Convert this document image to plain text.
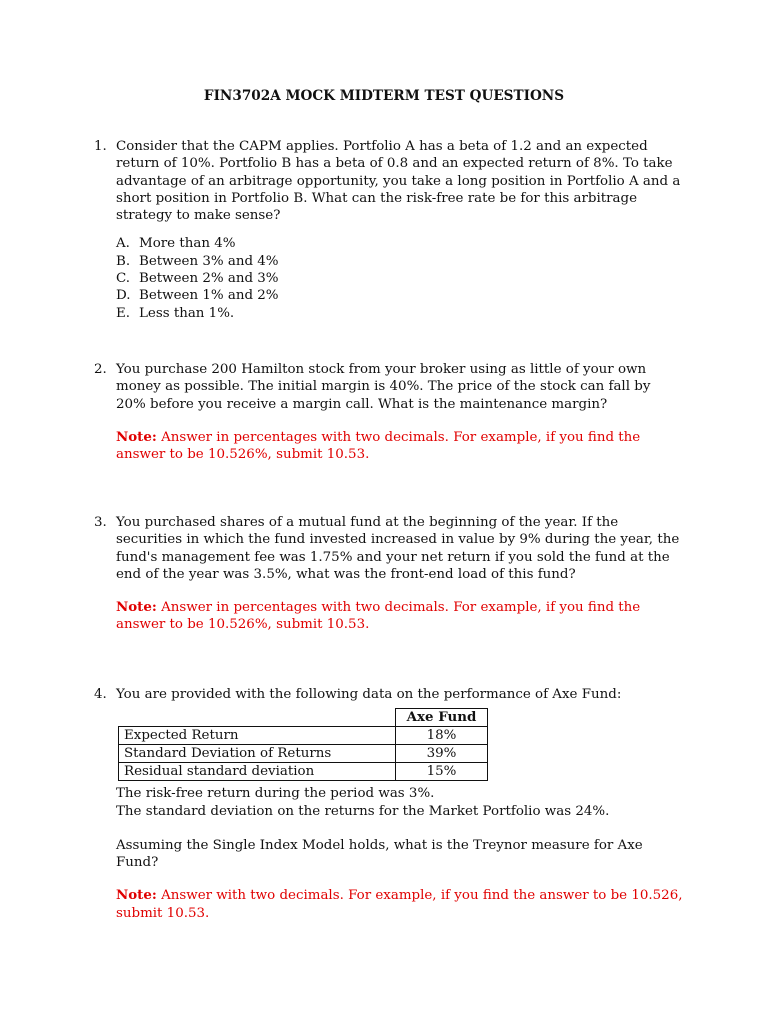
FIN3702A MOCK MIDTERM TEST QUESTIONS
1. Consider that the CAPM applies. Portfolio A has a beta of 1.2 and an expected return of 10%. Portfolio B has a beta of 0.8 and an expected return of 8%. To take advantage of an arbitrage opportunity, you take a long position in Portfolio A and a short position in Portfolio B. What can the risk-free rate be for this arbitrage strategy to make sense?

A. More than 4%
B. Between 3% and 4%
C. Between 2% and 3%
D. Between 1% and 2%
E. Less than 1%.
2. You purchase 200 Hamilton stock from your broker using as little of your own money as possible. The initial margin is 40%. The price of the stock can fall by 20% before you receive a margin call. What is the maintenance margin?

Note: Answer in percentages with two decimals. For example, if you find the answer to be 10.526%, submit 10.53.

3. You purchased shares of a mutual fund at the beginning of the year. If the securities in which the fund invested increased in value by 9% during the year, the fund's management fee was 1.75% and your net return if you sold the fund at the end of the year was 3.5%, what was the front-end load of this fund?

Note: Answer in percentages with two decimals. For example, if you find the answer to be 10.526%, submit 10.53.

4. You are provided with the following data on the performance of Axe Fund:

	Axe Fund
Expected Return	18%
Standard Deviation of Returns	39%
Residual standard deviation	15%

The risk-free return during the period was 3%.

The standard deviation on the returns for the Market Portfolio was 24%.

Assuming the Single Index Model holds, what is the Treynor measure for Axe Fund?

Note: Answer with two decimals. For example, if you find the answer to be 10.526, submit 10.53.
